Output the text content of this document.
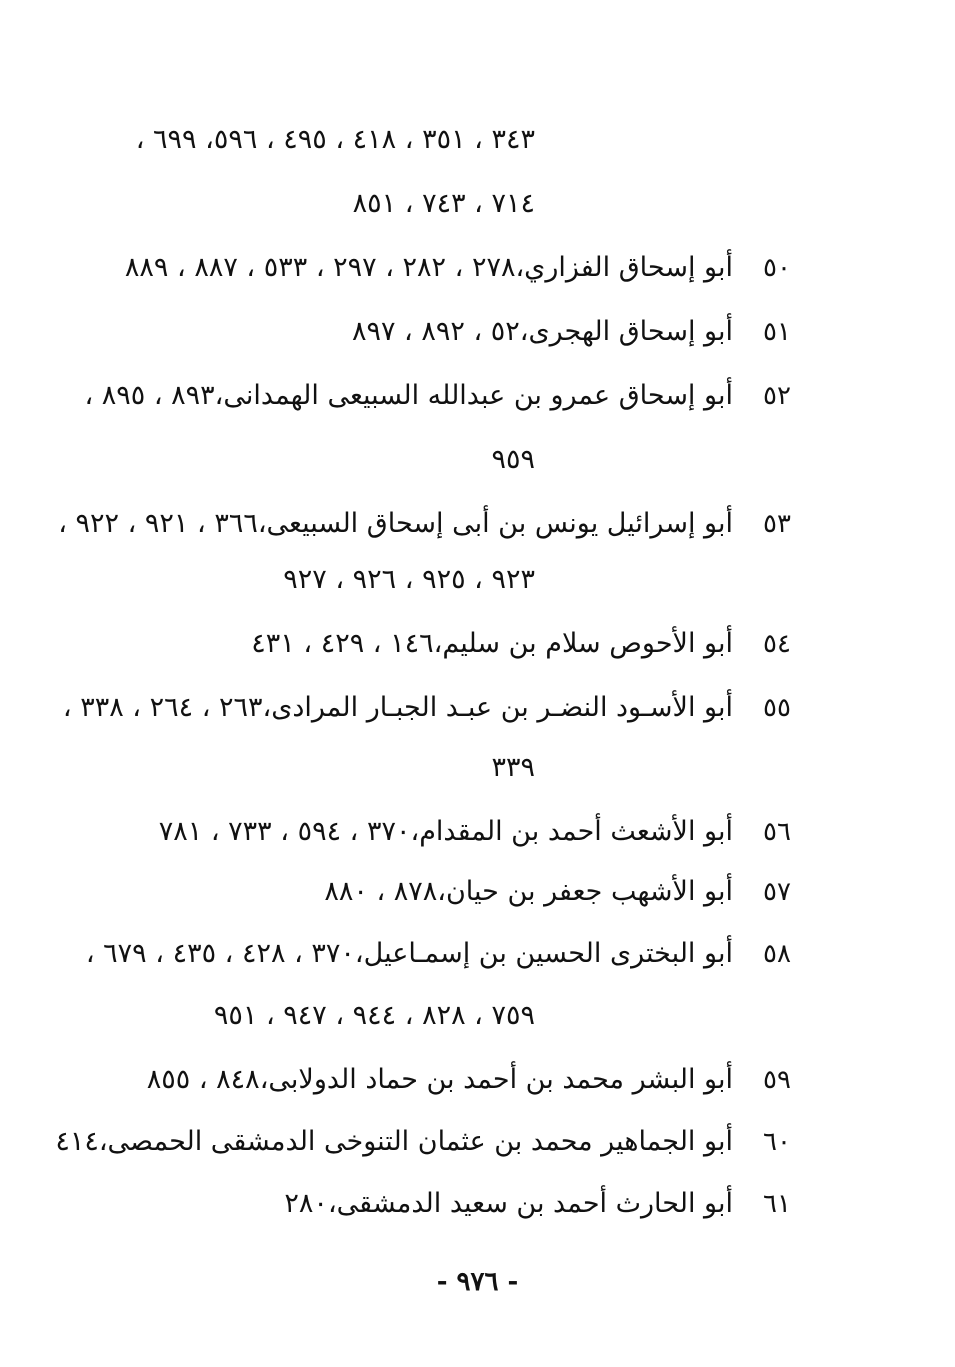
٣٤٣ ، ٣٥١ ، ٤١٨ ، ٤٩٥ ، ٥٩٦، ٦٩٩ ،
٧١٤ ، ٧٤٣ ، ٨٥١
٥٠
أبو إسحاق الفزاري،٢٧٨ ، ٢٨٢ ، ٢٩٧ ، ٥٣٣ ، ٨٨٧ ، ٨٨٩
٥١
أبو إسحاق الهجرى،٥٢ ، ٨٩٢ ، ٨٩٧
٥٢
أبو إسحاق عمرو بن عبدالله السبيعى الهمدانى،٨٩٣ ، ٨٩٥ ،
٩٥٩
٥٣
أبو إسرائيل يونس بن أبى إسحاق السبيعى،٣٦٦ ، ٩٢١ ، ٩٢٢ ،
٩٢٣ ، ٩٢٥ ، ٩٢٦ ، ٩٢٧
٥٤
أبو الأحوص سلام بن سليم،١٤٦ ، ٤٢٩ ، ٤٣١
٥٥
أبو الأسـود النضـر بن عبـد الجبـار المرادى،٢٦٣ ، ٢٦٤ ، ٣٣٨ ،
٣٣٩
٥٦
أبو الأشعث أحمد بن المقدام،٣٧٠ ، ٥٩٤ ، ٧٣٣ ، ٧٨١
٥٧
أبو الأشهب جعفر بن حيان،٨٧٨ ، ٨٨٠
٥٨
أبو البخترى الحسين بن إسمـاعيل،٣٧٠ ، ٤٢٨ ، ٤٣٥ ، ٦٧٩ ،
٧٥٩ ، ٨٢٨ ، ٩٤٤ ، ٩٤٧ ، ٩٥١
٥٩
أبو البشر محمد بن أحمد بن حماد الدولابى،٨٤٨ ، ٨٥٥
٦٠
أبو الجماهير محمد بن عثمان التنوخى الدمشقى الحمصى،٤١٤
٦١
أبو الحارث أحمد بن سعيد الدمشقى،٢٨٠
- ٩٧٦ -
